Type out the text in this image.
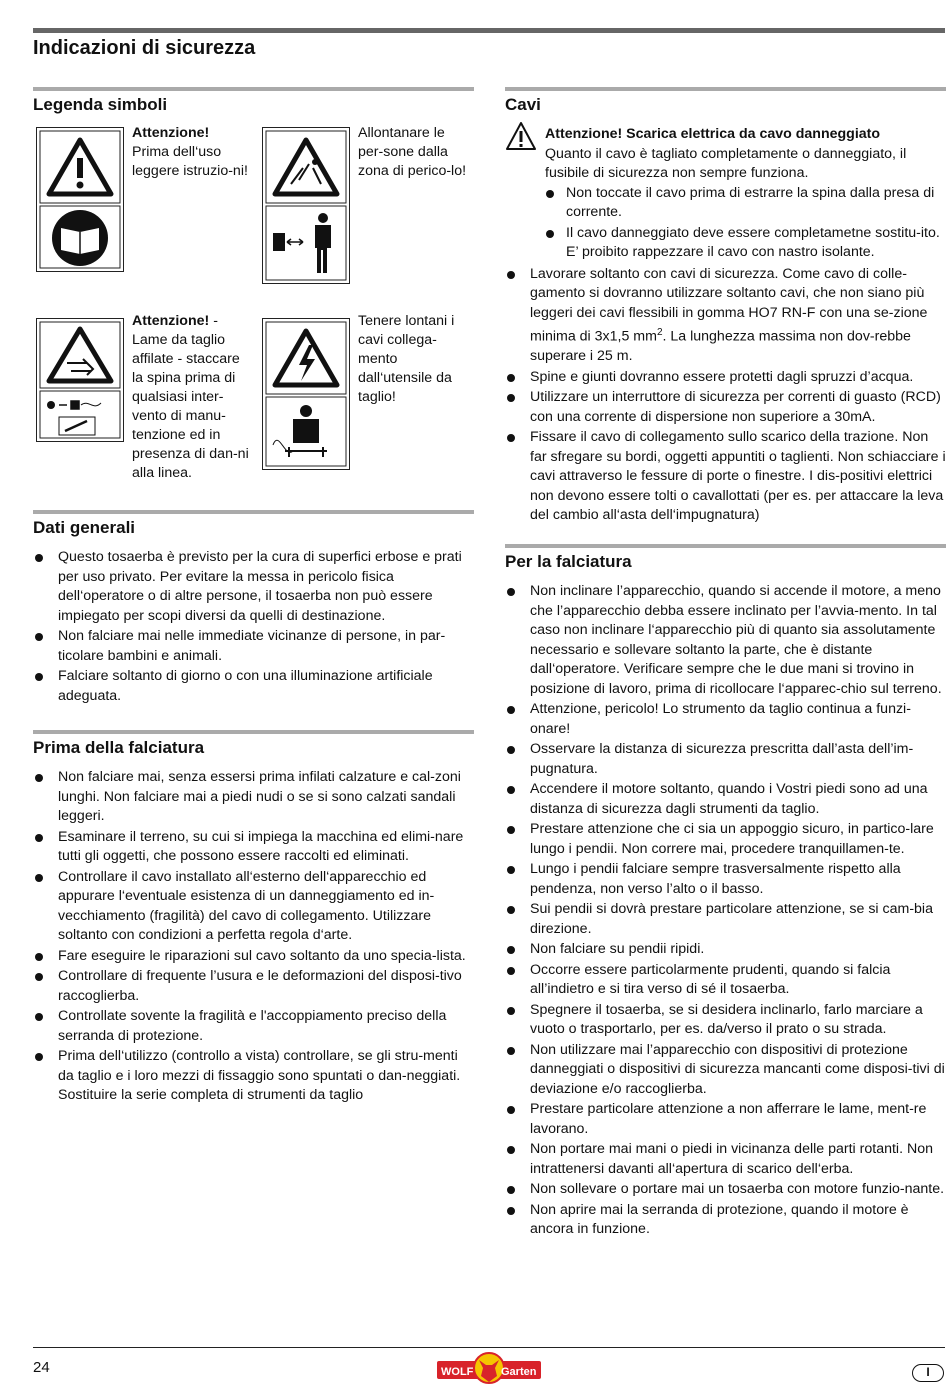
Indicazioni di sicurezza
Legenda simboli
Attenzione!
Prima dell‘uso leggere istruzio-ni!
Allontanare le per-sone dalla zona di perico-lo!
Attenzione! - Lame da taglio affilate - staccare la spina prima di qualsiasi inter-vento di manu-tenzione ed in presenza di dan-ni alla linea.
Tenere lontani i cavi collega-mento dall‘utensile da taglio!
Dati generali
Questo tosaerba è previsto per la cura di superfici erbose e prati per uso privato. Per evitare la messa in pericolo fisica dell‘operatore o di altre persone, il tosaerba non può essere impiegato per scopi diversi da quelli di destinazione.
Non falciare mai nelle immediate vicinanze di persone, in par-ticolare bambini e animali.
Falciare soltanto di giorno o con una illuminazione artificiale adeguata.
Prima della falciatura
Non falciare mai, senza essersi prima infilati calzature e cal-zoni lunghi. Non falciare mai a piedi nudi o se si sono calzati sandali leggeri.
Esaminare il terreno, su cui si impiega la macchina ed elimi-nare tutti gli oggetti, che possono essere raccolti ed eliminati.
Controllare il cavo installato all‘esterno dell‘apparecchio ed appurare l‘eventuale esistenza di un danneggiamento ed in-vecchiamento (fragilità) del cavo di collegamento. Utilizzare soltanto con condizioni a perfetta regola d‘arte.
Fare eseguire le riparazioni sul cavo soltanto da uno specia-lista.
Controllare di frequente l’usura e le deformazioni del disposi-tivo raccoglierba.
Controllate sovente la fragilità e l'accoppiamento preciso della serranda di protezione.
Prima dell‘utilizzo (controllo a vista) controllare, se gli stru-menti da taglio e i loro mezzi di fissaggio sono spuntati o dan-neggiati. Sostituire la serie completa di strumenti da taglio
Cavi
Attenzione! Scarica elettrica da cavo danneggiato
Quanto il cavo è tagliato completamente o danneggiato, il fusibile di sicurezza non sempre funziona.
Non toccate il cavo prima di estrarre la spina dalla presa di corrente.
Il cavo danneggiato deve essere completametne sostitu-ito. E’ proibito rappezzare il cavo con nastro isolante.
Lavorare soltanto con cavi di sicurezza. Come cavo di colle-gamento si dovranno utilizzare soltanto cavi, che non siano più leggeri dei cavi flessibili in gomma HO7 RN-F con una se-zione minima di 3x1,5 $mm^2$. La lunghezza massima non dov-rebbe superare i 25 m.
Spine e giunti dovranno essere protetti dagli spruzzi d’acqua.
Utilizzare un interruttore di sicurezza per correnti di guasto (RCD) con una corrente di dispersione non superiore a 30mA.
Fissare il cavo di collegamento sullo scarico della trazione. Non far sfregare su bordi, oggetti appuntiti o taglienti. Non schiacciare i cavi attraverso le fessure di porte o finestre. I dis-positivi elettrici non devono essere tolti o cavallottati (per es. per attaccare la leva del cambio all‘asta dell‘impugnatura)
Per la falciatura
Non inclinare l’apparecchio, quando si accende il motore, a meno che l’apparecchio debba essere inclinato per l’avvia-mento. In tal caso non inclinare l‘apparecchio più di quanto sia assolutamente necessario e sollevare soltanto la parte, che è distante dall‘operatore. Verificare sempre che le due mani si trovino in posizione di lavoro, prima di ricollocare l‘apparec-chio sul terreno.
Attenzione, pericolo! Lo strumento da taglio continua a funzi-onare!
Osservare la distanza di sicurezza prescritta dall’asta dell’im-pugnatura.
Accendere il motore soltanto, quando i Vostri piedi sono ad una distanza di sicurezza dagli strumenti da taglio.
Prestare attenzione che ci sia un appoggio sicuro, in partico-lare lungo i pendii. Non correre mai, procedere tranquillamen-te.
Lungo i pendii falciare sempre trasversalmente rispetto alla pendenza, non verso l’alto o il basso.
Sui pendii si dovrà prestare particolare attenzione, se si cam-bia direzione.
Non falciare su pendii ripidi.
Occorre essere particolarmente prudenti, quando si falcia all’indietro e si tira verso di sé il tosaerba.
Spegnere il tosaerba, se si desidera inclinarlo, farlo marciare a vuoto o trasportarlo, per es. da/verso il prato o su strada.
Non utilizzare mai l’apparecchio con dispositivi di protezione danneggiati o dispositivi di sicurezza mancanti come disposi-tivi di deviazione e/o raccoglierba.
Prestare particolare attenzione a non afferrare le lame, ment-re lavorano.
Non portare mai mani o piedi in vicinanza delle parti rotanti. Non intrattenersi davanti all‘apertura di scarico dell‘erba.
Non sollevare o portare mai un tosaerba con motore funzio-nante.
Non aprire mai la serranda di protezione, quando il motore è ancora in funzione.
24	WOLF	Garten	I
